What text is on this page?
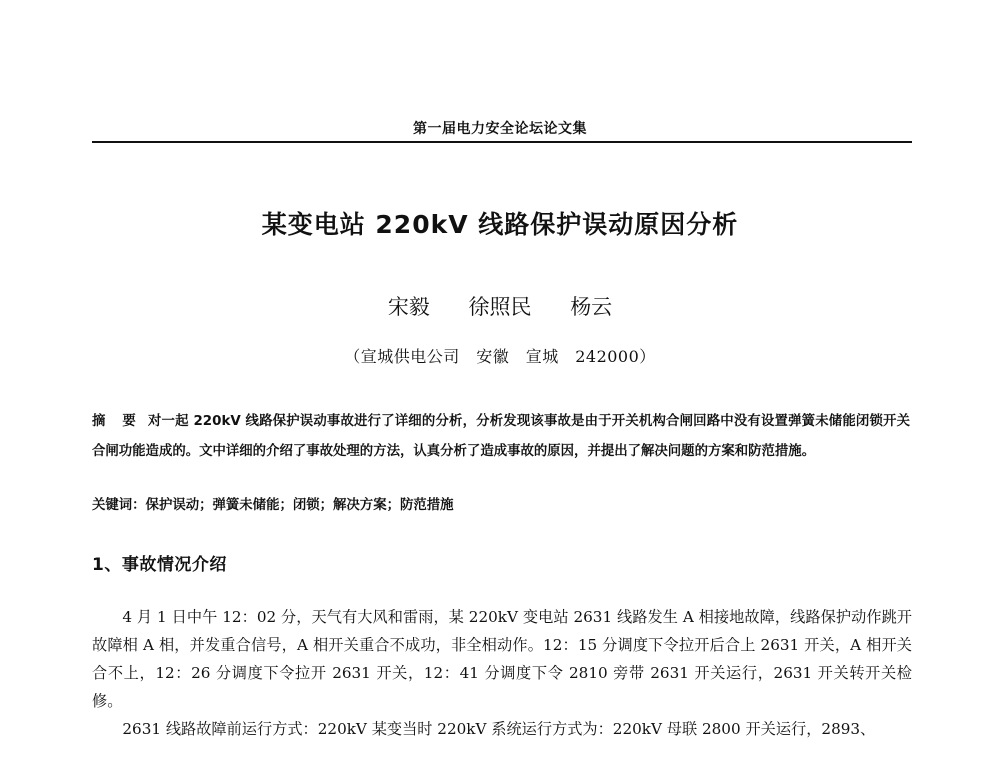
第一届电力安全论坛论文集
某变电站 220kV 线路保护误动原因分析
宋毅 徐照民 杨云
（宣城供电公司　安徽　宣城　242000）
摘 要 对一起 220kV 线路保护误动事故进行了详细的分析，分析发现该事故是由于开关机构合闸回路中没有设置弹簧未储能闭锁开关合闸功能造成的。文中详细的介绍了事故处理的方法，认真分析了造成事故的原因，并提出了解决问题的方案和防范措施。
关键词：保护误动；弹簧未储能；闭锁；解决方案；防范措施
1、事故情况介绍

4 月 1 日中午 12：02 分，天气有大风和雷雨，某 220kV 变电站 2631 线路发生 A 相接地故障，线路保护动作跳开故障相 A 相，并发重合信号，A 相开关重合不成功，非全相动作。12：15 分调度下令拉开后合上 2631 开关，A 相开关合不上，12：26 分调度下令拉开 2631 开关，12：41 分调度下令 2810 旁带 2631 开关运行，2631 开关转开关检修。

2631 线路故障前运行方式：220kV 某变当时 220kV 系统运行方式为：220kV 母联 2800 开关运行，2893、
